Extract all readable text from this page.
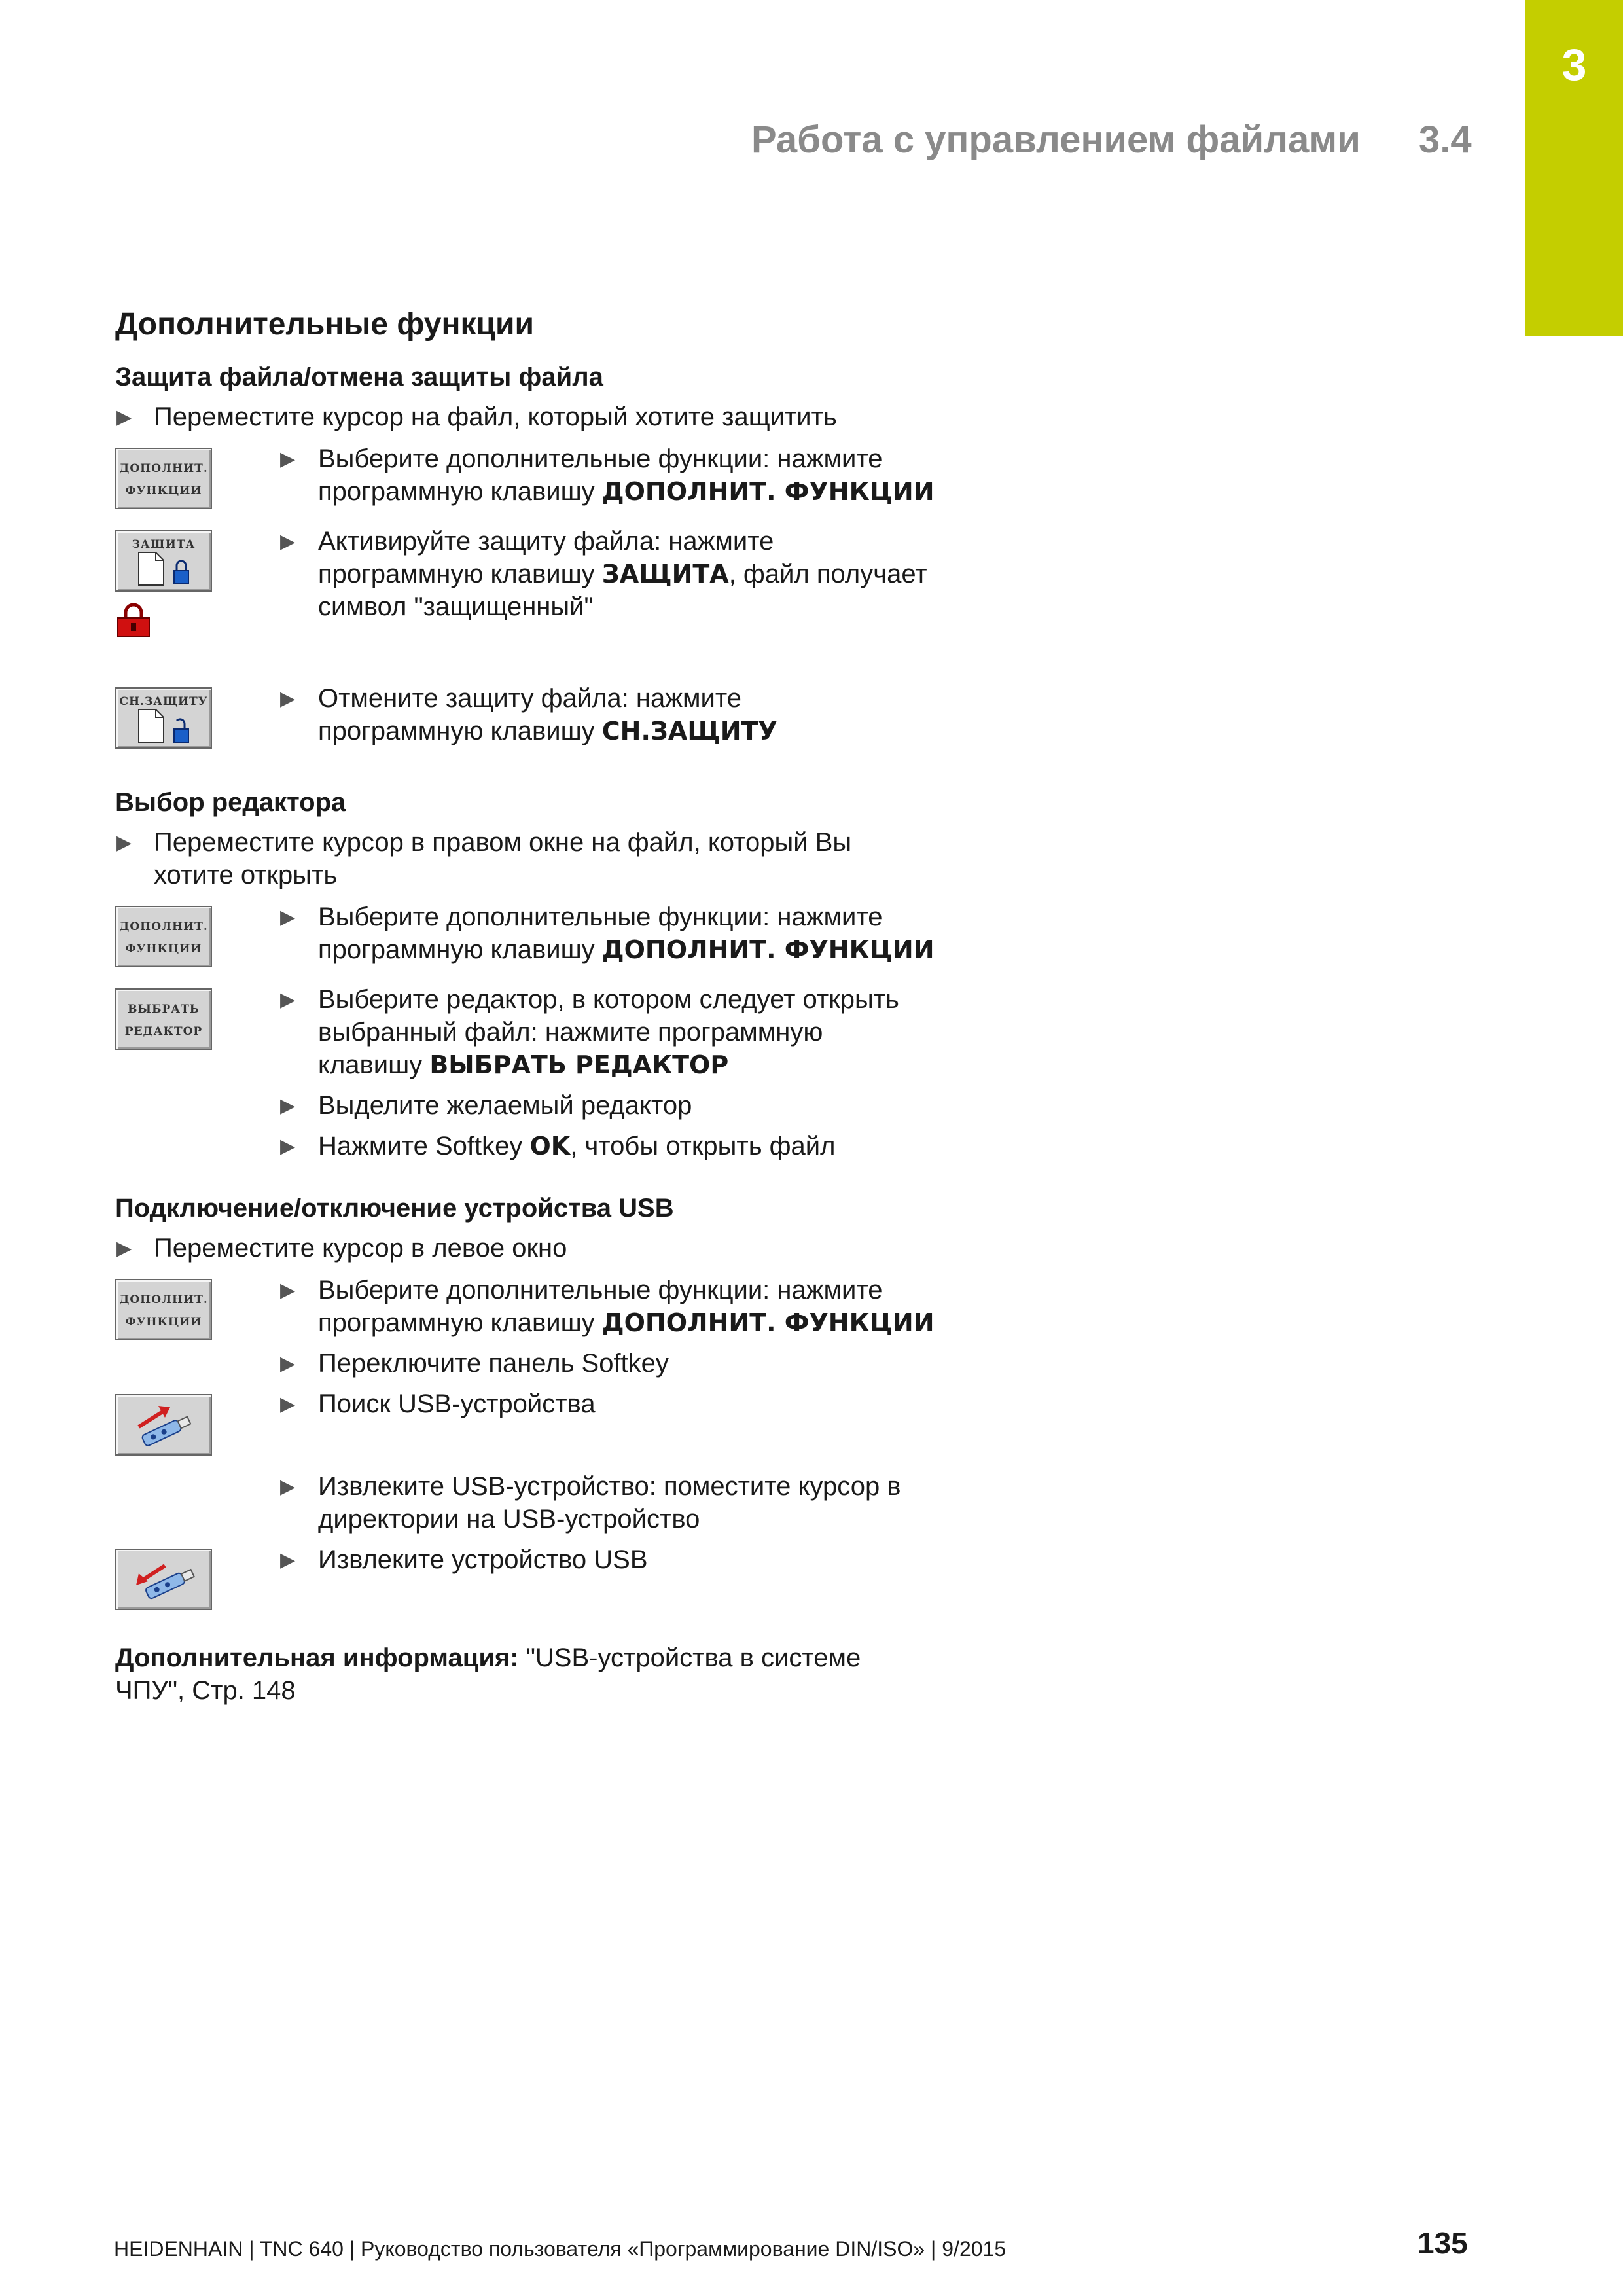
3
Работа с управлением файлами 3.4
Дополнительные функции
Защита файла/отмена защиты файла
▶ Переместите курсор на файл, который хотите защитить
ДОПОЛНИТ.
ФУНКЦИИ
▶ Выберите дополнительные функции: нажмите
программную клавишу ДОПОЛНИТ. ФУНКЦИИ
ЗАЩИТА	▶ Активируйте защиту файла: нажмите
программную клавишу ЗАЩИТА, файл получает
символ "защищенный"
СН.ЗАЩИТУ	▶ Отмените защиту файла: нажмите
программную клавишу СН.ЗАЩИТУ
Выбор редактора
▶ Переместите курсор в правом окне на файл, который Вы
хотите открыть
ДОПОЛНИТ.
ФУНКЦИИ
▶ Выберите дополнительные функции: нажмите
программную клавишу ДОПОЛНИТ. ФУНКЦИИ
ВЫБРАТЬ
РЕДАКТОР
▶ Выберите редактор, в котором следует открыть
выбранный файл: нажмите программную
клавишу ВЫБРАТЬ РЕДАКТОР
▶ Выделите желаемый редактор
▶ Нажмите Softkey OK, чтобы открыть файл
Подключение/отключение устройства USB
▶ Переместите курсор в левое окно
ДОПОЛНИТ.
ФУНКЦИИ
▶ Выберите дополнительные функции: нажмите
программную клавишу ДОПОЛНИТ. ФУНКЦИИ
▶ Переключите панель Softkey
▶ Поиск USB-устройства
▶ Извлеките USB-устройство: поместите курсор в
директории на USB-устройство
▶ Извлеките устройство USB
Дополнительная информация: "USB-устройства в системе
ЧПУ", Стр. 148
HEIDENHAIN | TNC 640 | Руководство пользователя «Программирование DIN/ISO» | 9/2015	135
